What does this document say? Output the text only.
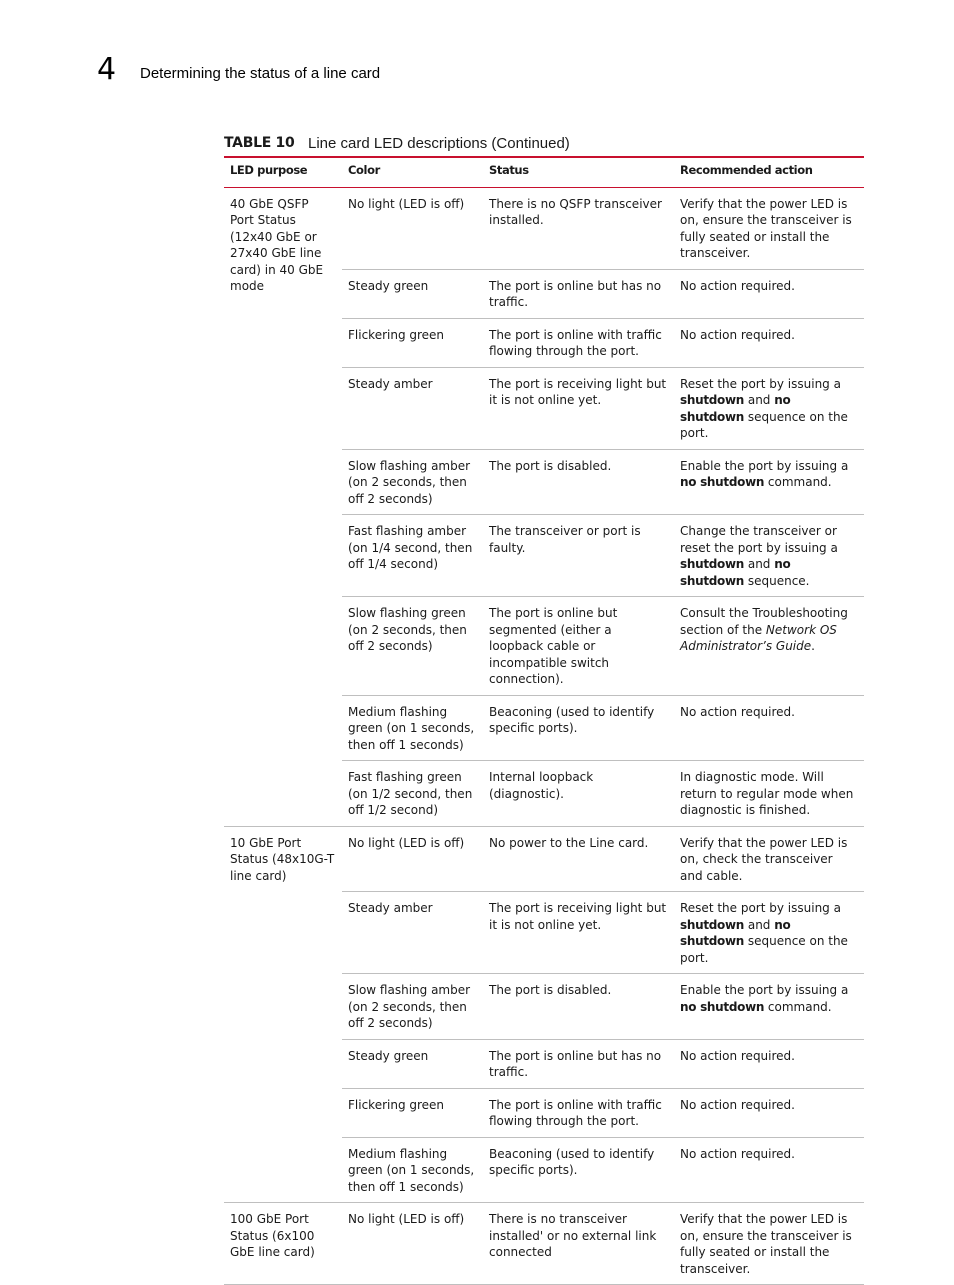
4 Determining the status of a line card
TABLE 10 Line card LED descriptions (Continued)
LED purpose	Color	Status	Recommended action
40 GbE QSFP Port Status (12x40 GbE or 27x40 GbE line card) in 40 GbE mode	No light (LED is off)	There is no QSFP transceiver installed.	Verify that the power LED is on, ensure the transceiver is fully seated or install the transceiver.
	Steady green	The port is online but has no traffic.	No action required.
	Flickering green	The port is online with traffic flowing through the port.	No action required.
	Steady amber	The port is receiving light but it is not online yet.	Reset the port by issuing a shutdown and no shutdown sequence on the port.
	Slow flashing amber (on 2 seconds, then off 2 seconds)	The port is disabled.	Enable the port by issuing a no shutdown command.
	Fast flashing amber (on 1/4 second, then off 1/4 second)	The transceiver or port is faulty.	Change the transceiver or reset the port by issuing a shutdown and no shutdown sequence.
	Slow flashing green (on 2 seconds, then off 2 seconds)	The port is online but segmented (either a loopback cable or incompatible switch connection).	Consult the Troubleshooting section of the Network OS Administrator’s Guide.
	Medium flashing green (on 1 seconds, then off 1 seconds)	Beaconing (used to identify specific ports).	No action required.
	Fast flashing green (on 1/2 second, then off 1/2 second)	Internal loopback (diagnostic).	In diagnostic mode. Will return to regular mode when diagnostic is finished.
10 GbE Port Status (48x10G-T line card)	No light (LED is off)	No power to the Line card.	Verify that the power LED is on, check the transceiver and cable.
	Steady amber	The port is receiving light but it is not online yet.	Reset the port by issuing a shutdown and no shutdown sequence on the port.
	Slow flashing amber (on 2 seconds, then off 2 seconds)	The port is disabled.	Enable the port by issuing a no shutdown command.
	Steady green	The port is online but has no traffic.	No action required.
	Flickering green	The port is online with traffic flowing through the port.	No action required.
	Medium flashing green (on 1 seconds, then off 1 seconds)	Beaconing (used to identify specific ports).	No action required.
100 GbE Port Status (6x100 GbE line card)	No light (LED is off)	There is no transceiver installed' or no external link connected	Verify that the power LED is on, ensure the transceiver is fully seated or install the transceiver.
